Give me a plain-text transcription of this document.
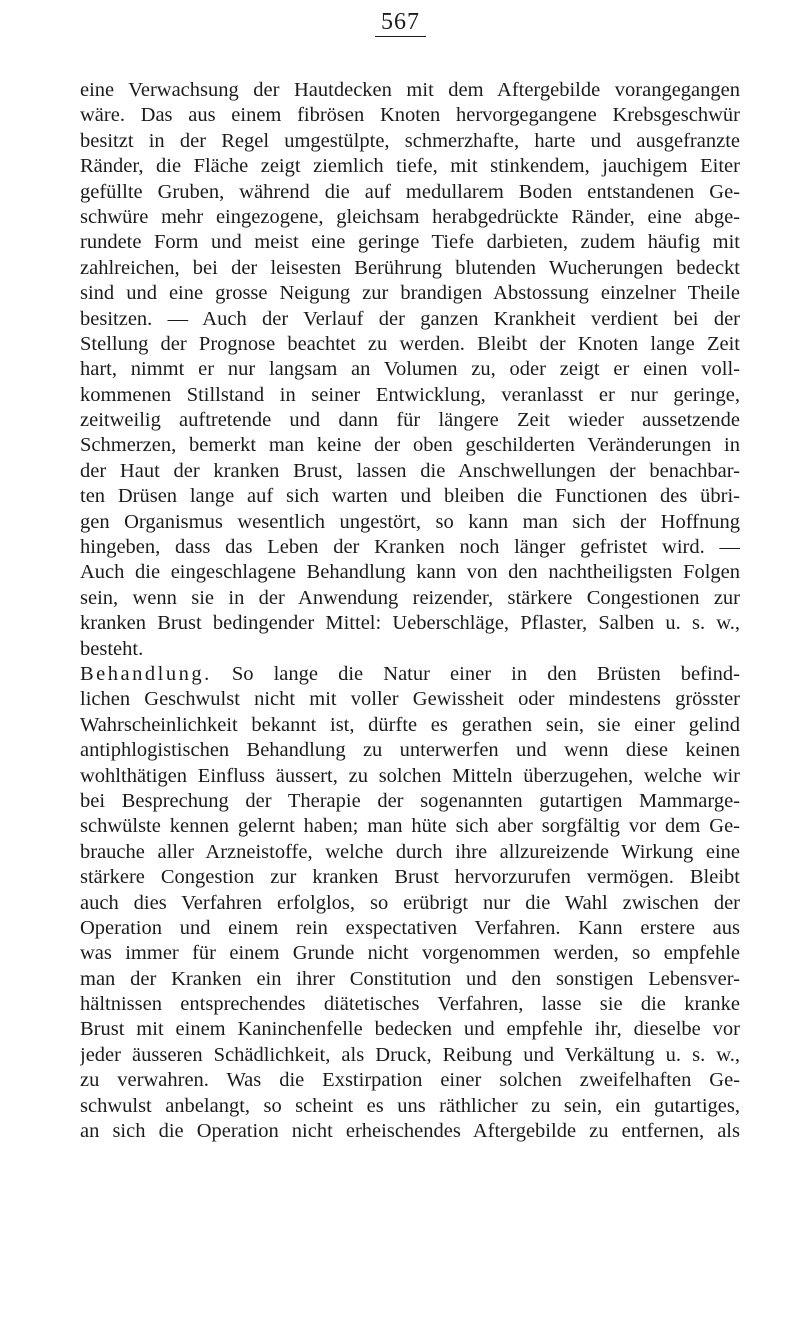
567
eine Verwachsung der Hautdecken mit dem Aftergebilde vorangegangen
wäre. Das aus einem fibrösen Knoten hervorgegangene Krebsgeschwür
besitzt in der Regel umgestülpte, schmerzhafte, harte und ausgefranzte
Ränder, die Fläche zeigt ziemlich tiefe, mit stinkendem, jauchigem Eiter
gefüllte Gruben, während die auf medullarem Boden entstandenen Ge-
schwüre mehr eingezogene, gleichsam herabgedrückte Ränder, eine abge-
rundete Form und meist eine geringe Tiefe darbieten, zudem häufig mit
zahlreichen, bei der leisesten Berührung blutenden Wucherungen bedeckt
sind und eine grosse Neigung zur brandigen Abstossung einzelner Theile
besitzen. — Auch der Verlauf der ganzen Krankheit verdient bei der
Stellung der Prognose beachtet zu werden. Bleibt der Knoten lange Zeit
hart, nimmt er nur langsam an Volumen zu, oder zeigt er einen voll-
kommenen Stillstand in seiner Entwicklung, veranlasst er nur geringe,
zeitweilig auftretende und dann für längere Zeit wieder aussetzende
Schmerzen, bemerkt man keine der oben geschilderten Veränderungen in
der Haut der kranken Brust, lassen die Anschwellungen der benachbar-
ten Drüsen lange auf sich warten und bleiben die Functionen des übri-
gen Organismus wesentlich ungestört, so kann man sich der Hoffnung
hingeben, dass das Leben der Kranken noch länger gefristet wird. —
Auch die eingeschlagene Behandlung kann von den nachtheiligsten Folgen
sein, wenn sie in der Anwendung reizender, stärkere Congestionen zur
kranken Brust bedingender Mittel: Ueberschläge, Pflaster, Salben u. s. w.,
besteht.
Behandlung. So lange die Natur einer in den Brüsten befind-
lichen Geschwulst nicht mit voller Gewissheit oder mindestens grösster
Wahrscheinlichkeit bekannt ist, dürfte es gerathen sein, sie einer gelind
antiphlogistischen Behandlung zu unterwerfen und wenn diese keinen
wohlthätigen Einfluss äussert, zu solchen Mitteln überzugehen, welche wir
bei Besprechung der Therapie der sogenannten gutartigen Mammarge-
schwülste kennen gelernt haben; man hüte sich aber sorgfältig vor dem Ge-
brauche aller Arzneistoffe, welche durch ihre allzureizende Wirkung eine
stärkere Congestion zur kranken Brust hervorzurufen vermögen. Bleibt
auch dies Verfahren erfolglos, so erübrigt nur die Wahl zwischen der
Operation und einem rein exspectativen Verfahren. Kann erstere aus
was immer für einem Grunde nicht vorgenommen werden, so empfehle
man der Kranken ein ihrer Constitution und den sonstigen Lebensver-
hältnissen entsprechendes diätetisches Verfahren, lasse sie die kranke
Brust mit einem Kaninchenfelle bedecken und empfehle ihr, dieselbe vor
jeder äusseren Schädlichkeit, als Druck, Reibung und Verkältung u. s. w.,
zu verwahren. Was die Exstirpation einer solchen zweifelhaften Ge-
schwulst anbelangt, so scheint es uns räthlicher zu sein, ein gutartiges,
an sich die Operation nicht erheischendes Aftergebilde zu entfernen, als
